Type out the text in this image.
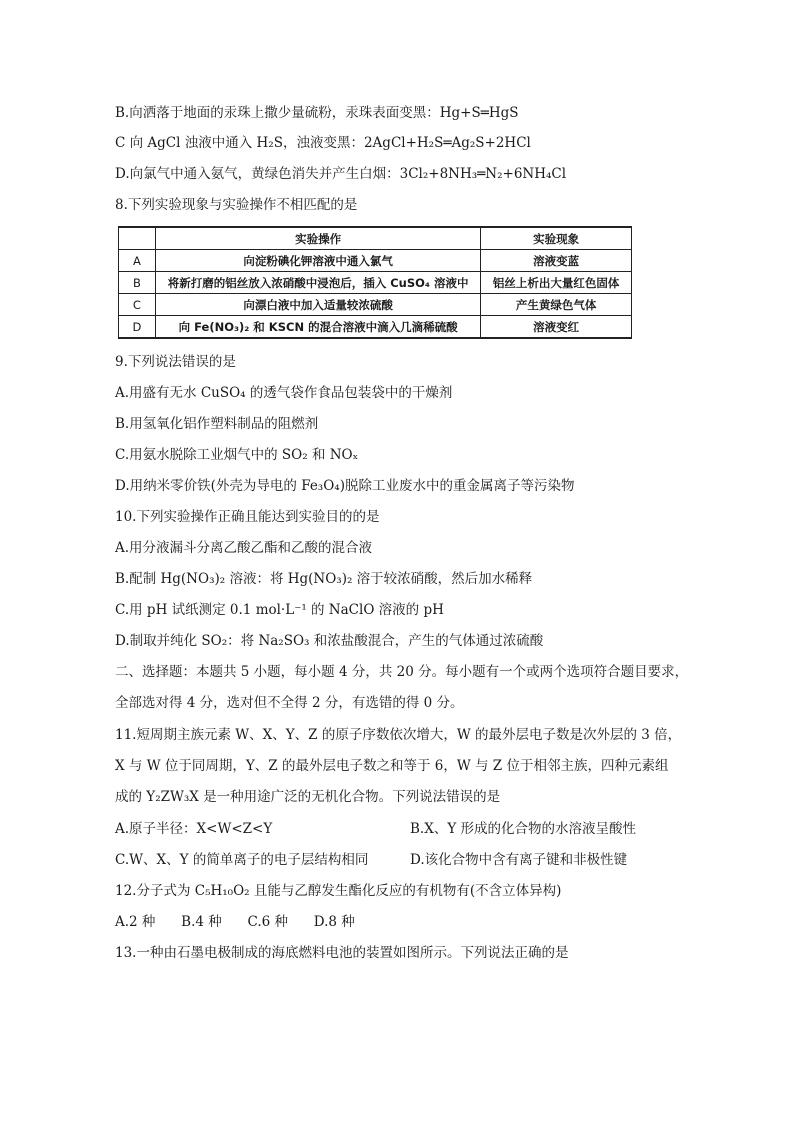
B.向洒落于地面的汞珠上撒少量硫粉，汞珠表面变黑：Hg+S═HgS
C 向 AgCl 浊液中通入 H₂S，浊液变黑：2AgCl+H₂S═Ag₂S+2HCl
D.向氯气中通入氨气，黄绿色消失并产生白烟：3Cl₂+8NH₃═N₂+6NH₄Cl
8.下列实验现象与实验操作不相匹配的是
	实验操作	实验现象
A	向淀粉碘化钾溶液中通入氯气	溶液变蓝
B	将新打磨的铝丝放入浓硝酸中浸泡后，插入 CuSO₄ 溶液中	铝丝上析出大量红色固体
C	向漂白液中加入适量较浓硫酸	产生黄绿色气体
D	向 Fe(NO₃)₂ 和 KSCN 的混合溶液中滴入几滴稀硫酸	溶液变红
9.下列说法错误的是
A.用盛有无水 CuSO₄ 的透气袋作食品包装袋中的干燥剂
B.用氢氧化铝作塑料制品的阻燃剂
C.用氨水脱除工业烟气中的 SO₂ 和 NOₓ
D.用纳米零价铁(外壳为导电的 Fe₃O₄)脱除工业废水中的重金属离子等污染物
10.下列实验操作正确且能达到实验目的的是
A.用分液漏斗分离乙酸乙酯和乙酸的混合液
B.配制 Hg(NO₃)₂ 溶液：将 Hg(NO₃)₂ 溶于较浓硝酸，然后加水稀释
C.用 pH 试纸测定 0.1 mol·L⁻¹ 的 NaClO 溶液的 pH
D.制取并纯化 SO₂：将 Na₂SO₃ 和浓盐酸混合，产生的气体通过浓硫酸
二、选择题：本题共 5 小题，每小题 4 分，共 20 分。每小题有一个或两个选项符合题目要求，
全部选对得 4 分，选对但不全得 2 分，有选错的得 0 分。
11.短周期主族元素 W、X、Y、Z 的原子序数依次增大，W 的最外层电子数是次外层的 3 倍，
X 与 W 位于同周期，Y、Z 的最外层电子数之和等于 6，W 与 Z 位于相邻主族，四种元素组
成的 Y₂ZW₃X 是一种用途广泛的无机化合物。下列说法错误的是
A.原子半径：X<W<Z<Y	B.X、Y 形成的化合物的水溶液呈酸性
C.W、X、Y 的简单离子的电子层结构相同	D.该化合物中含有离子键和非极性键
12.分子式为 C₅H₁₀O₂ 且能与乙醇发生酯化反应的有机物有(不含立体异构)
A.2 种      B.4 种      C.6 种      D.8 种
13.一种由石墨电极制成的海底燃料电池的装置如图所示。下列说法正确的是
